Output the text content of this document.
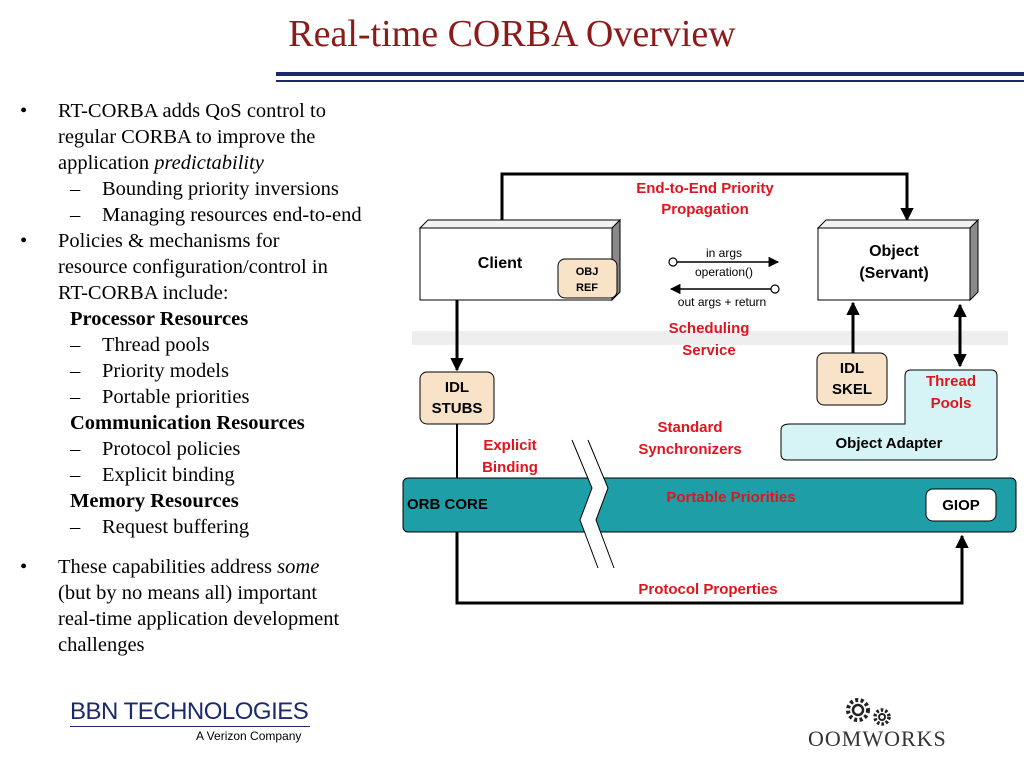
Real-time CORBA Overview
• RT-CORBA adds QoS control to
regular CORBA to improve the
application predictability
– Bounding priority inversions
– Managing resources end-to-end
• Policies & mechanisms for
resource configuration/control in
RT-CORBA include:
Processor Resources
– Thread pools
– Priority models
– Portable priorities
Communication Resources
– Protocol policies
– Explicit binding
Memory Resources
– Request buffering
• These capabilities address some
(but by no means all) important
real-time application development
challenges
End-to-End Priority
Propagation
Client	OBJ
REF
Object
(Servant)
in args
operation()
out args + return
Scheduling
Service
IDL
STUBS
Object Adapter
Thread
Pools
IDL
SKEL
Explicit
Binding
Standard
Synchronizers
ORB CORE	Portable Priorities	GIOP
Protocol Properties
BBN TECHNOLOGIES
A Verizon Company	OOMWORKS
